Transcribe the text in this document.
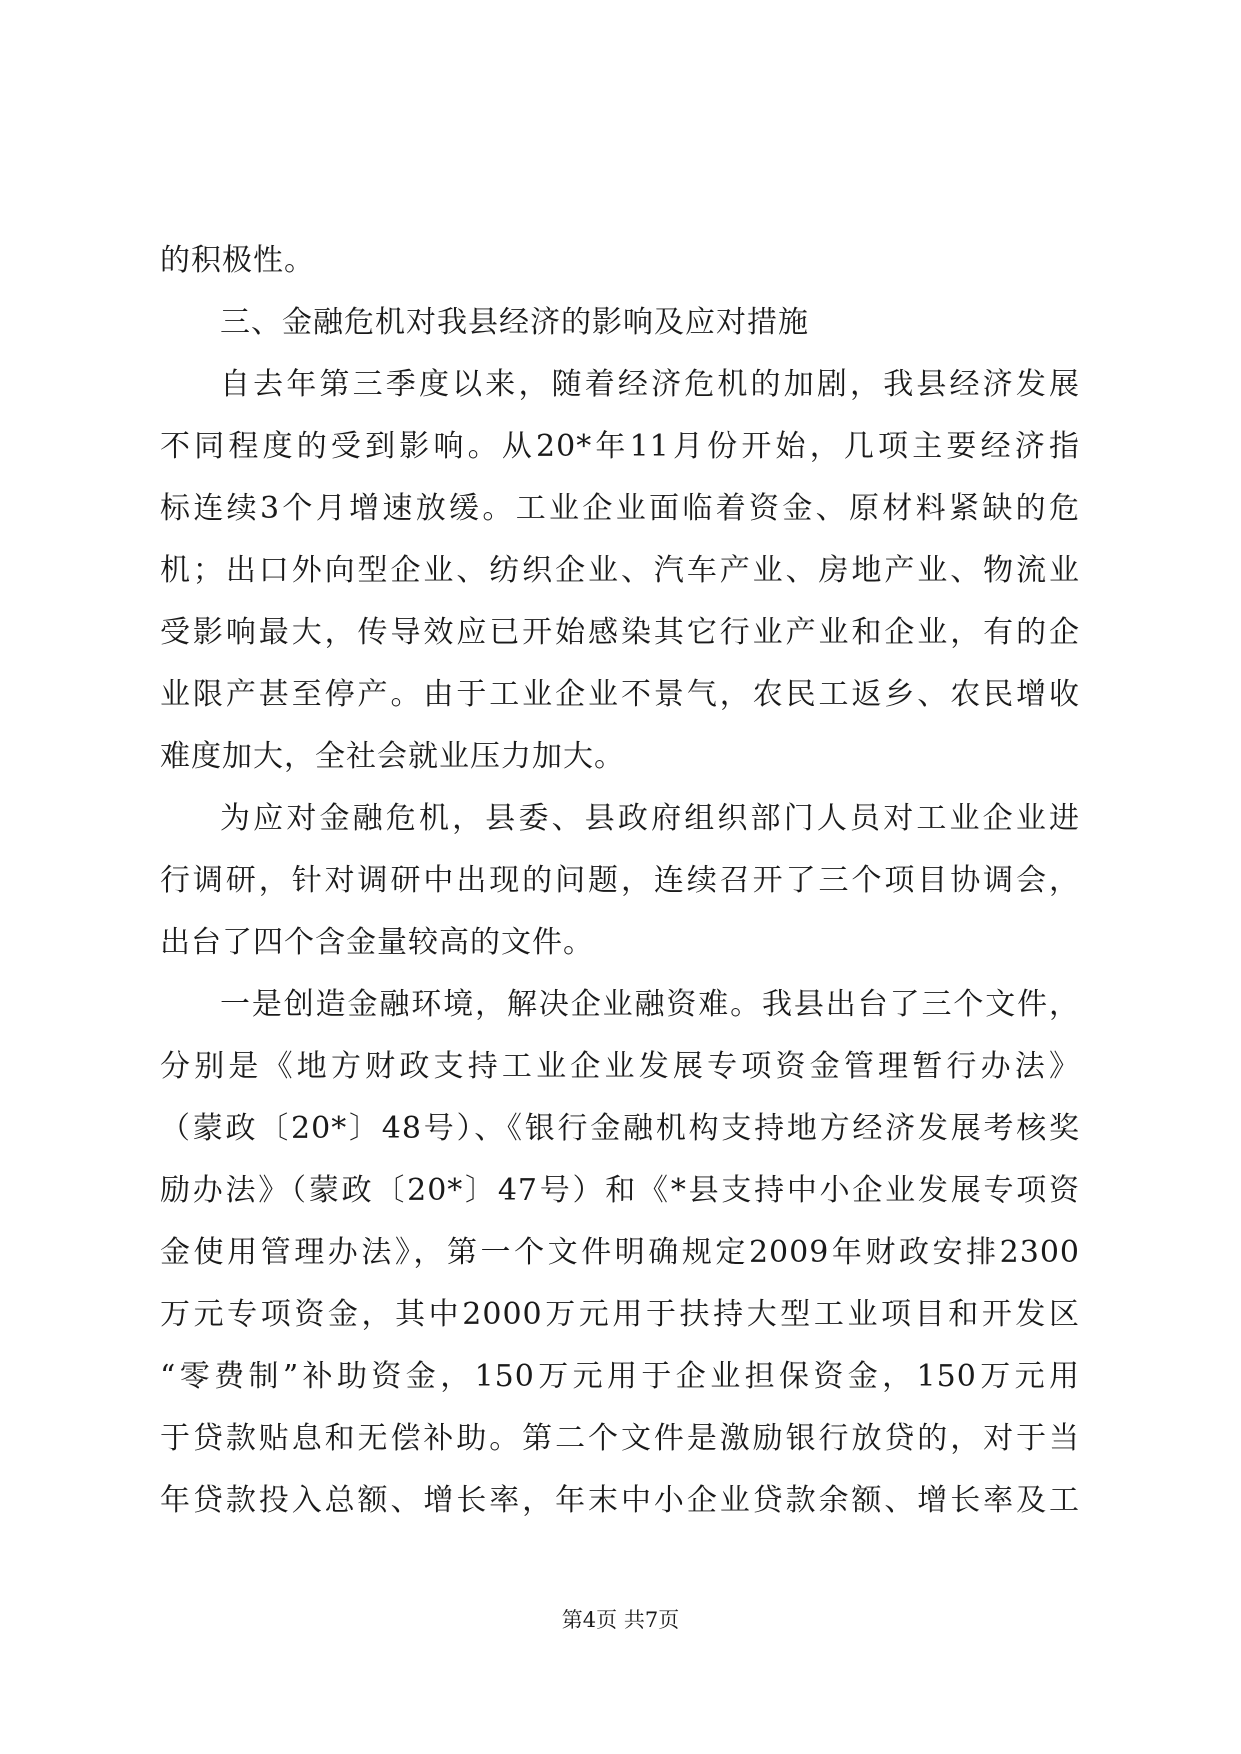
的积极性。
三、金融危机对我县经济的影响及应对措施
自去年第三季度以来，随着经济危机的加剧，我县经济发展
不同程度的受到影响。从20*年11月份开始，几项主要经济指
标连续3个月增速放缓。工业企业面临着资金、原材料紧缺的危
机；出口外向型企业、纺织企业、汽车产业、房地产业、物流业
受影响最大，传导效应已开始感染其它行业产业和企业，有的企
业限产甚至停产。由于工业企业不景气，农民工返乡、农民增收
难度加大，全社会就业压力加大。
为应对金融危机，县委、县政府组织部门人员对工业企业进
行调研，针对调研中出现的问题，连续召开了三个项目协调会，
出台了四个含金量较高的文件。
一是创造金融环境，解决企业融资难。我县出台了三个文件，
分别是《地方财政支持工业企业发展专项资金管理暂行办法》
（蒙政〔20*〕48号）、《银行金融机构支持地方经济发展考核奖
励办法》（蒙政〔20*〕47号）和《*县支持中小企业发展专项资
金使用管理办法》，第一个文件明确规定2009年财政安排2300
万元专项资金，其中2000万元用于扶持大型工业项目和开发区
“零费制”补助资金，150万元用于企业担保资金，150万元用
于贷款贴息和无偿补助。第二个文件是激励银行放贷的，对于当
年贷款投入总额、增长率，年末中小企业贷款余额、增长率及工
第4页 共7页
